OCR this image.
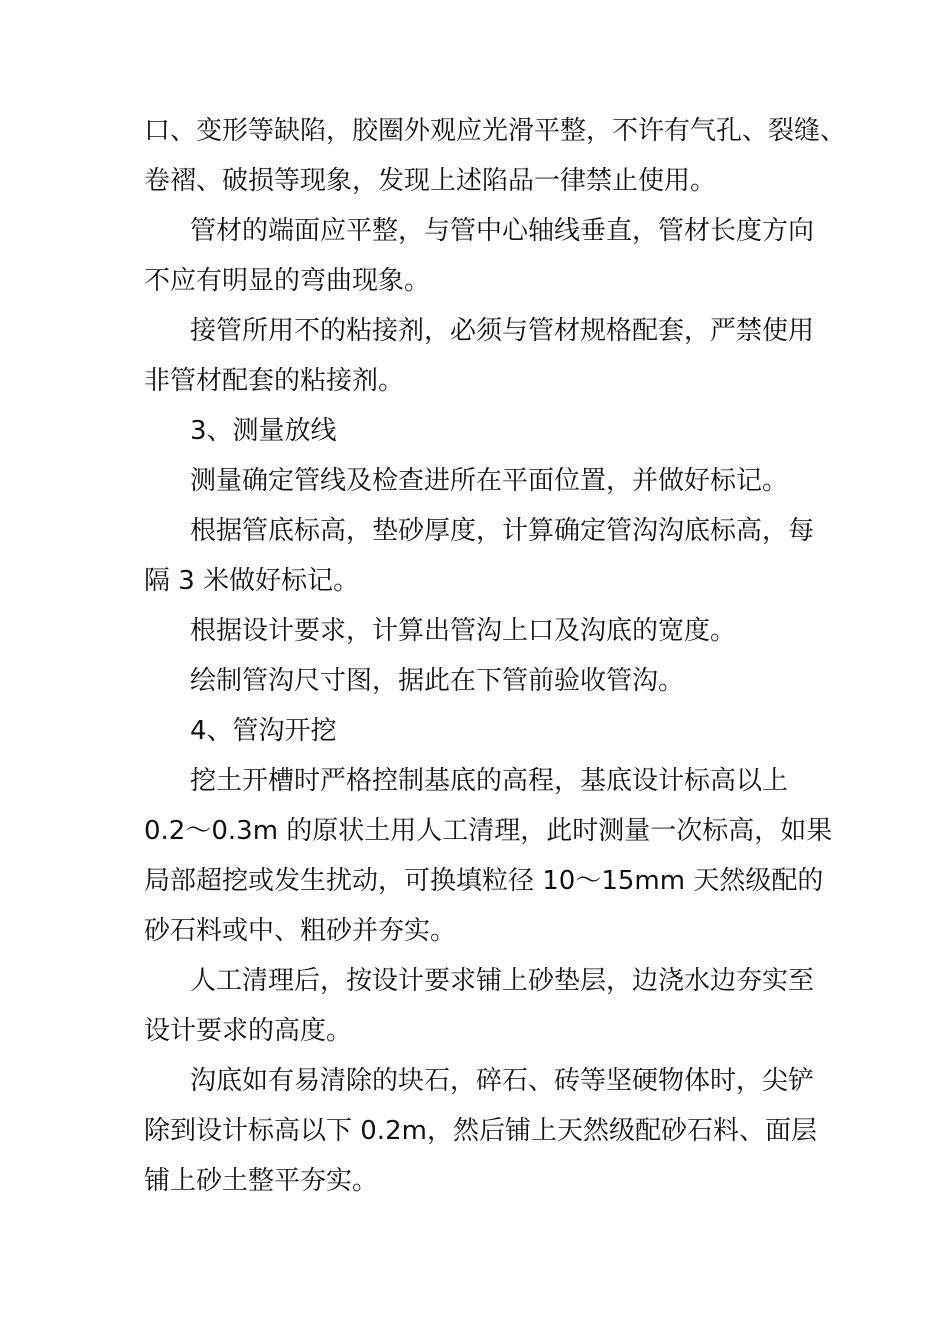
口、变形等缺陷，胶圈外观应光滑平整，不许有气孔、裂缝、
卷褶、破损等现象，发现上述陷品一律禁止使用。
管材的端面应平整，与管中心轴线垂直，管材长度方向
不应有明显的弯曲现象。
接管所用不的粘接剂，必须与管材规格配套，严禁使用
非管材配套的粘接剂。
3、测量放线
测量确定管线及检查进所在平面位置，并做好标记。
根据管底标高，垫砂厚度，计算确定管沟沟底标高，每
隔 3 米做好标记。
根据设计要求，计算出管沟上口及沟底的宽度。
绘制管沟尺寸图，据此在下管前验收管沟。
4、管沟开挖
挖土开槽时严格控制基底的高程，基底设计标高以上
0.2～0.3m 的原状土用人工清理，此时测量一次标高，如果
局部超挖或发生扰动，可换填粒径 10～15mm 天然级配的
砂石料或中、粗砂并夯实。
人工清理后，按设计要求铺上砂垫层，边浇水边夯实至
设计要求的高度。
沟底如有易清除的块石，碎石、砖等坚硬物体时，尖铲
除到设计标高以下 0.2m，然后铺上天然级配砂石料、面层
铺上砂土整平夯实。
